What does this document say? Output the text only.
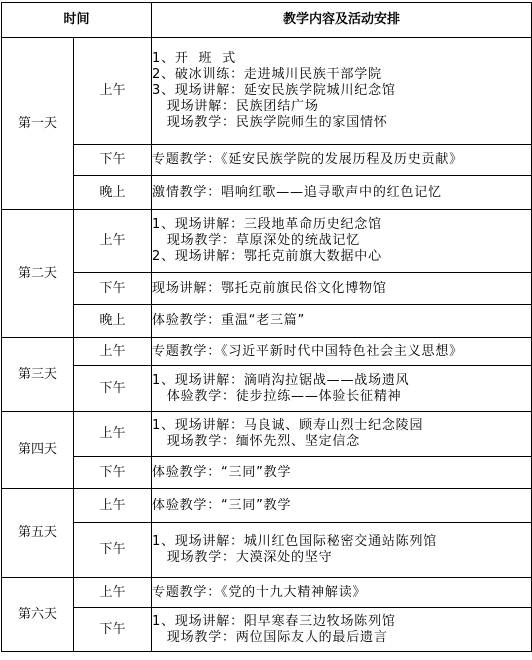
时间		教学内容及活动安排
第一天	上午	1、开  班  式
2、破冰训练：走进城川民族干部学院
3、现场讲解：延安民族学院城川纪念馆
现场讲解：民族团结广场
现场教学：民族学院师生的家国情怀

	下午	专题教学：《延安民族学院的发展历程及历史贡献》

	晚上	激情教学：唱响红歌——追寻歌声中的红色记忆

第二天	上午	1、现场讲解：三段地革命历史纪念馆
现场教学：草原深处的统战记忆
2、现场讲解：鄂托克前旗大数据中心

	下午	现场讲解：鄂托克前旗民俗文化博物馆

	晚上	体验教学：重温“老三篇”

第三天	上午	专题教学：《习近平新时代中国特色社会主义思想》

	下午	1、现场讲解：滴哨沟拉锯战——战场遗风
体验教学：徒步拉练——体验长征精神

第四天	上午	1、现场讲解：马良诚、顾寿山烈士纪念陵园
现场教学：缅怀先烈、坚定信念

	下午	体验教学：“三同”教学

第五天	上午	体验教学：“三同”教学

	下午	1、现场讲解：城川红色国际秘密交通站陈列馆
现场教学：大漠深处的坚守

第六天	上午	专题教学：《党的十九大精神解读》

	下午	1、现场讲解：阳早寒春三边牧场陈列馆
现场教学：两位国际友人的最后遗言
